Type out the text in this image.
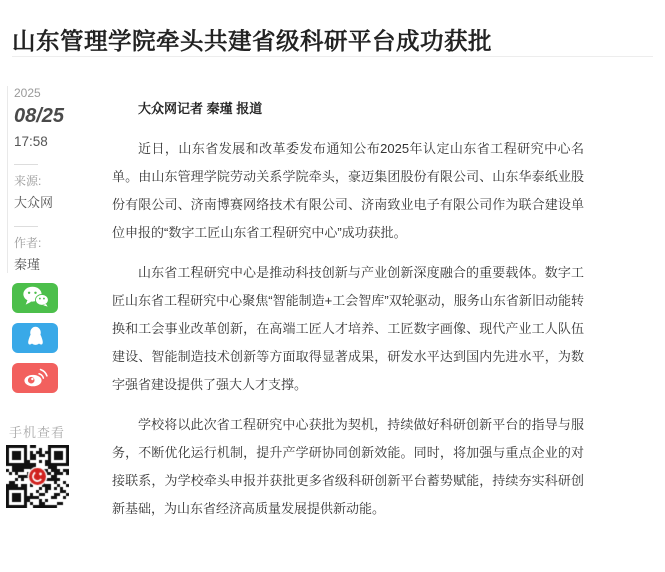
山东管理学院牵头共建省级科研平台成功获批
2025
08/25
17:58
来源:
大众网
作者:
秦瑾
手机查看

大众网记者 秦瑾 报道

近日，山东省发展和改革委发布通知公布2025年认定山东省工程研究中心名单。由山东管理学院劳动关系学院牵头，豪迈集团股份有限公司、山东华泰纸业股份有限公司、济南博赛网络技术有限公司、济南致业电子有限公司作为联合建设单位申报的“数字工匠山东省工程研究中心”成功获批。

山东省工程研究中心是推动科技创新与产业创新深度融合的重要载体。数字工匠山东省工程研究中心聚焦“智能制造+工会智库”双轮驱动，服务山东省新旧动能转换和工会事业改革创新，在高端工匠人才培养、工匠数字画像、现代产业工人队伍建设、智能制造技术创新等方面取得显著成果，研发水平达到国内先进水平，为数字强省建设提供了强大人才支撑。

学校将以此次省工程研究中心获批为契机，持续做好科研创新平台的指导与服务，不断优化运行机制，提升产学研协同创新效能。同时，将加强与重点企业的对接联系，为学校牵头申报并获批更多省级科研创新平台蓄势赋能，持续夯实科研创新基础，为山东省经济高质量发展提供新动能。
